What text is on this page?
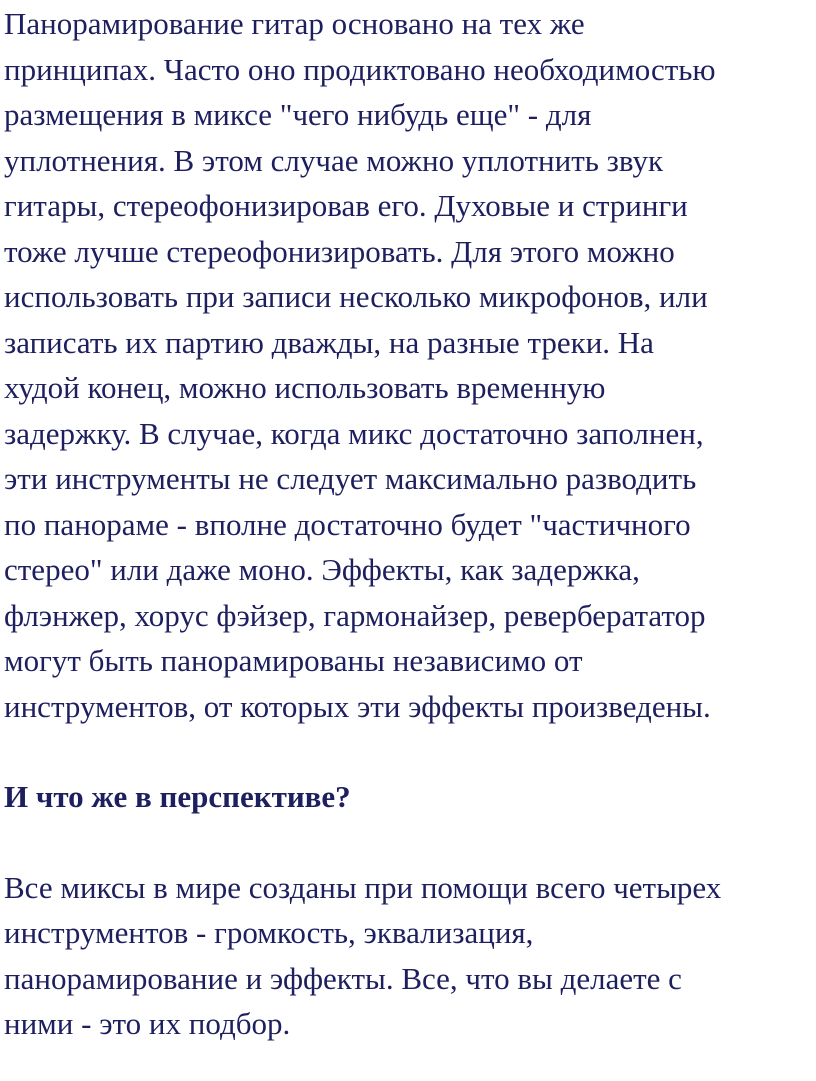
Панорамирование гитар основано на тех же
принципах. Часто оно продиктовано необходимостью
размещения в миксе "чего нибудь еще" - для
уплотнения. В этом случае можно уплотнить звук
гитары, стереофонизировав его. Духовые и стринги
тоже лучше стереофонизировать. Для этого можно
использовать при записи несколько микрофонов, или
записать их партию дважды, на разные треки. На
худой конец, можно использовать временную
задержку. В случае, когда микс достаточно заполнен,
эти инструменты не следует максимально разводить
по панораме - вполне достаточно будет "частичного
стерео" или даже моно. Эффекты, как задержка,
флэнжер, хорус фэйзер, гармонайзер, реверберататор
могут быть панорамированы независимо от
инструментов, от которых эти эффекты произведены.
И что же в перспективе?
Все миксы в мире созданы при помощи всего четырех
инструментов - громкость, эквализация,
панорамирование и эффекты. Все, что вы делаете с
ними - это их подбор.
